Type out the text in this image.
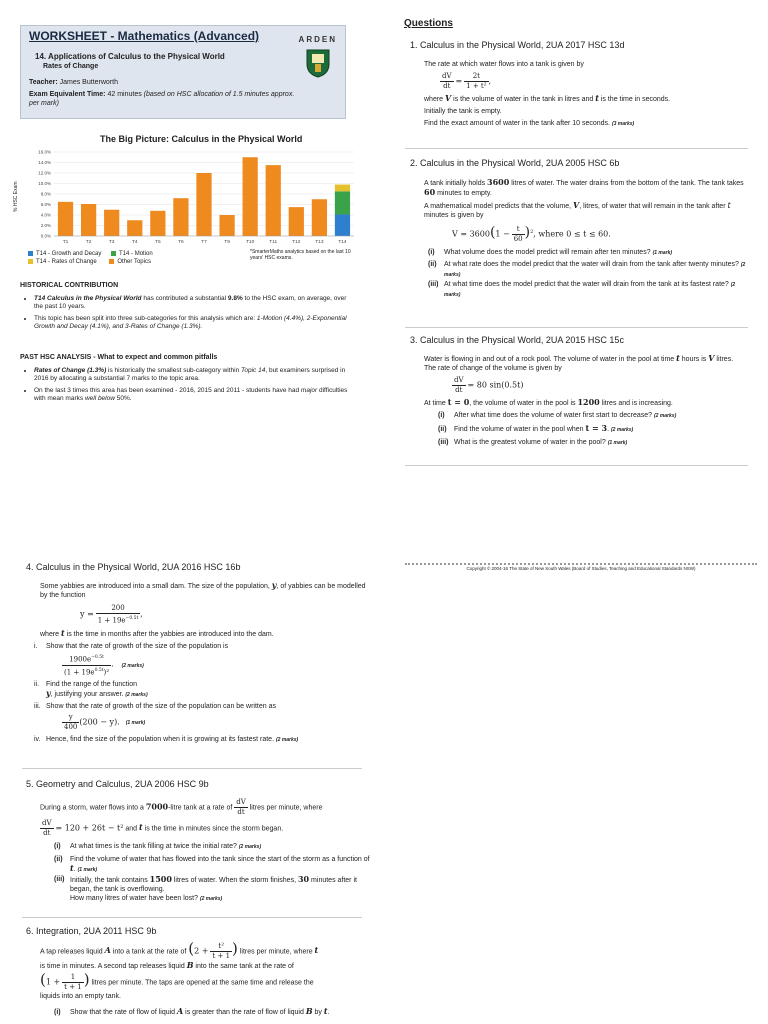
WORKSHEET - Mathematics (Advanced)
14. Applications of Calculus to the Physical World
Rates of Change
Teacher: James Butterworth
Exam Equivalent Time: 42 minutes (based on HSC allocation of 1.5 minutes approx. per mark)
ARDEN
The Big Picture: Calculus in the Physical World
% HSC Exam
0.0%
2.0%
4.0%
6.0%
8.0%
10.0%
12.0%
14.0%
16.0%
T1	T2	T3	T4	T5	T6	T7	T9	T10	T11	T12	T13	T14
T14 - Growth and Decay	T14 - Motion
T14 - Rates of Change	Other Topics
*SmarterMaths analytics based on the last 10 years' HSC exams.
HISTORICAL CONTRIBUTION
• T14 Calculus in the Physical World has contributed a substantial 9.8% to the HSC exam, on average, over the past 10 years.
• This topic has been split into three sub-categories for this analysis which are: 1-Motion (4.4%), 2-Exponential Growth and Decay (4.1%), and 3-Rates of Change (1.3%).
PAST HSC ANALYSIS - What to expect and common pitfalls
• Rates of Change (1.3%) is historically the smallest sub-category within Topic 14, but examiners surprised in 2016 by allocating a substantial 7 marks to the topic area.
• On the last 3 times this area has been examined - 2016, 2015 and 2011 - students have had major difficulties with mean marks well below 50%.
Questions
1. Calculus in the Physical World, 2UA 2017 HSC 13d
The rate at which water flows into a tank is given by
$\frac{dV}{dt} = \frac{2t}{\text{1 + t²}}$ ,
where V is the volume of water in the tank in litres and t is the time in seconds.
Initially the tank is empty.
Find the exact amount of water in the tank after 10 seconds. (3 marks)
2. Calculus in the Physical World, 2UA 2005 HSC 6b
A tank initially holds 3600 litres of water. The water drains from the bottom of the tank. The tank takes 60 minutes to empty.
A mathematical model predicts that the volume, V, litres, of water that will remain in the tank after t minutes is given by
$V = 3600(1 - \frac{t}{60} )^2$, where 0 ≤ t ≤ 60.
(i) What volume does the model predict will remain after ten minutes? (1 mark)
(ii)	At what rate does the model predict that the water will drain from the tank after twenty minutes? (2 marks)
(iii) At what time does the model predict that the water will drain from the tank at its fastest rate? (2 marks)
3. Calculus in the Physical World, 2UA 2015 HSC 15c
Water is flowing in and out of a rock pool. The volume of water in the pool at time t hours is V litres. The rate of change of the volume is given by
$\frac{dV}{dt} = 80$ sin(0.5t)
At time t = 0, the volume of water in the pool is 1200 litres and is increasing.
(i) After what time does the volume of water first start to decrease? (2 marks)
(ii) Find the volume of water in the pool when t = 3. (2 marks)
(iii) What is the greatest volume of water in the pool? (1 mark)
Copyright © 2004-16 The State of New South Wales (Board of Studies, Teaching and Educational Standards NSW)
4. Calculus in the Physical World, 2UA 2016 HSC 16b
Some yabbies are introduced into a small dam. The size of the population, y, of yabbies can be modelled by the function
$y = \frac{200}{1 + 19e^{-0.5t}}$ ,
where t is the time in months after the yabbies are introduced into the dam.
i. Show that the rate of growth of the size of the population is
$\frac{1900e^{-0.5t}}{(1 + 19e^{0.5t})^2}$ . (2 marks)
ii. Find the range of the function
y, justifying your answer. (2 marks)
iii. Show that the rate of growth of the size of the population can be written as
$\frac{y}{400} (200 - y)$. (1 mark)
iv. Hence, find the size of the population when it is growing at its fastest rate. (2 marks)
5. Geometry and Calculus, 2UA 2006 HSC 9b
During a storm, water flows into a 7000-litre tank at a rate of $\frac{dV}{dt}$ litres per minute, where
$\frac{dV}{dt} = 120 + 26t - t^2$ and t is the time in minutes since the storm began.
(i) At what times is the tank filling at twice the initial rate? (2 marks)
(ii)	Find the volume of water that has flowed into the tank since the start of the storm as a function of t. (1 mark)
(iii) Initially, the tank contains 1500 litres of water. When the storm finishes, 30 minutes after it began, the tank is overflowing.
How many litres of water have been lost? (2 marks)
6. Integration, 2UA 2011 HSC 9b
A tap releases liquid A into a tank at the rate of ($2 + \frac{\text{t²}}{t + 1}$ ) litres per minute, where t
is time in minutes. A second tap releases liquid B into the same tank at the rate of
($1 + \frac{1}{t + 1}$ ) litres per minute. The taps are opened at the same time and release the
liquids into an empty tank.
(i) Show that the rate of flow of liquid A is greater than the rate of flow of liquid B by t.
